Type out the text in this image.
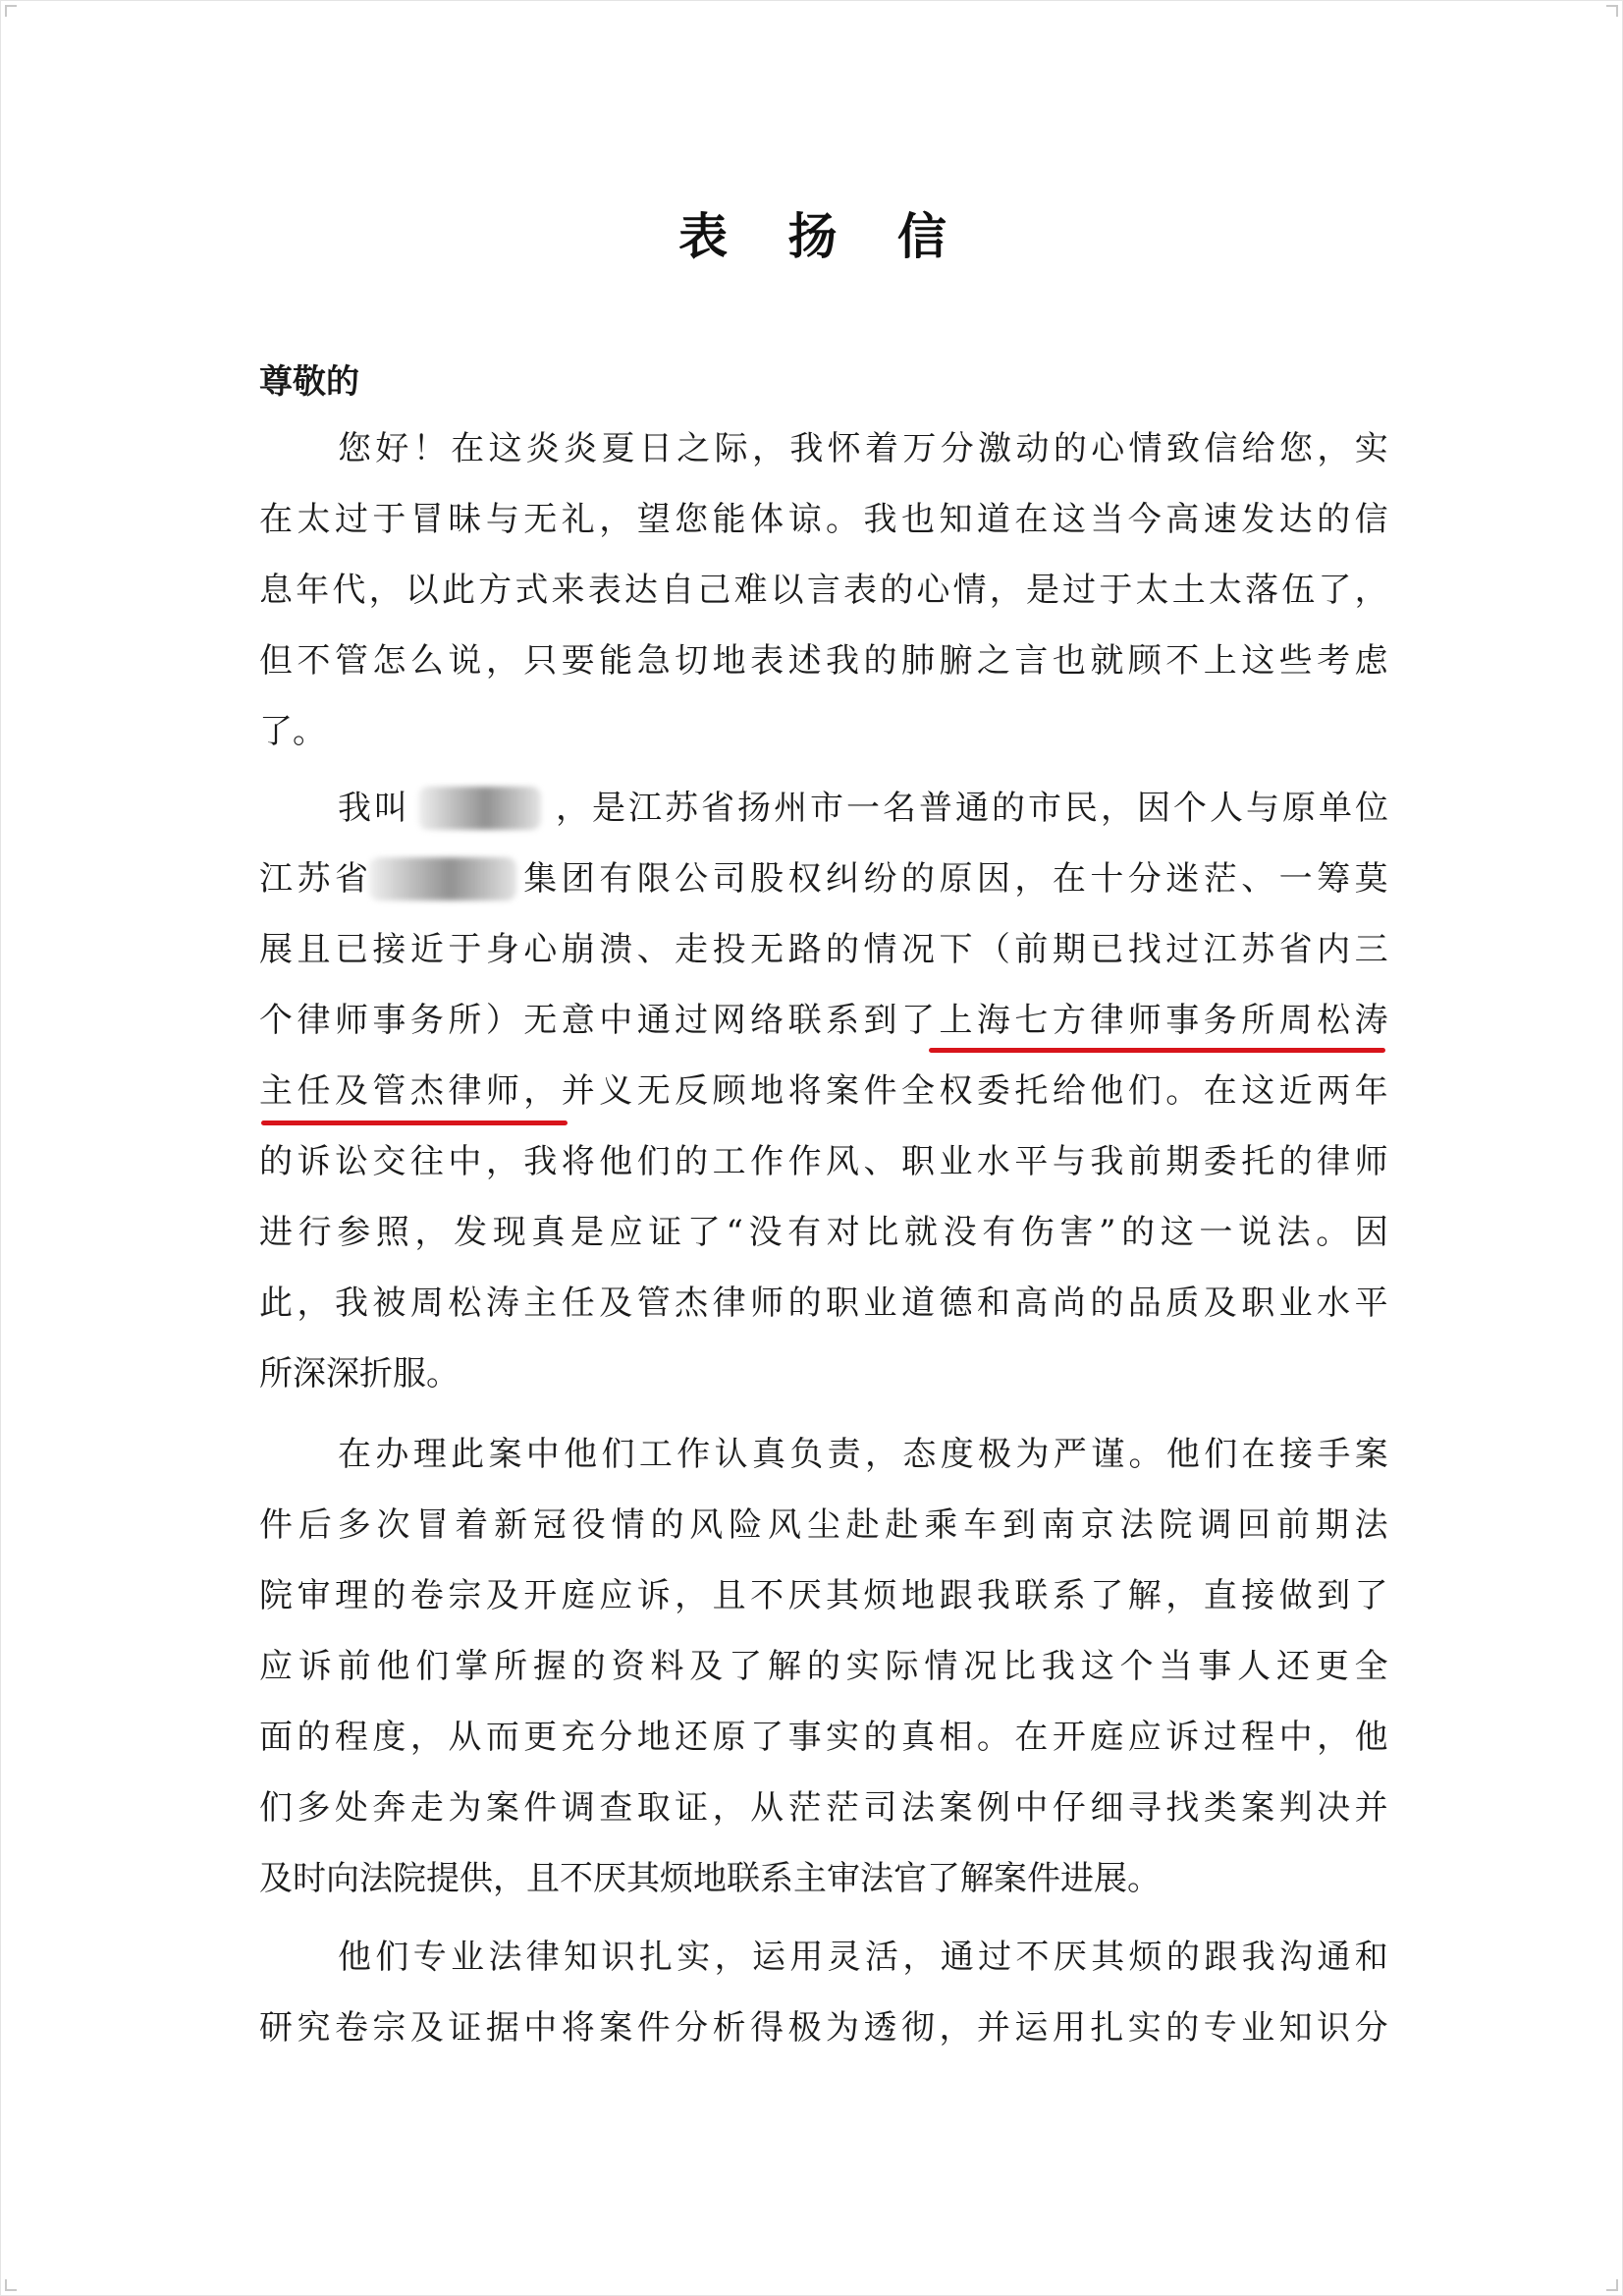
表 扬 信
尊敬的
您 好 ！ 在 这 炎 炎 夏 日 之 际 ， 我 怀 着 万 分 激 动 的 心 情 致 信 给 您 ， 实
在 太 过 于 冒 昧 与 无 礼 ， 望 您 能 体 谅 。 我 也 知 道 在 这 当 今 高 速 发 达 的 信
息 年 代 ， 以 此 方 式 来 表 达 自 己 难 以 言 表 的 心 情 ， 是 过 于 太 土 太 落 伍 了 ，
但 不 管 怎 么 说 ， 只 要 能 急 切 地 表 述 我 的 肺 腑 之 言 也 就 顾 不 上 这 些 考 虑
了。
我 叫

　	， 是 江 苏 省 扬 州 市 一 名 普 通 的 市 民 ， 因 个 人 与 原 单 位
江 苏 省

　	集 团 有 限 公 司 股 权 纠 纷 的 原 因 ， 在 十 分 迷 茫 、 一 筹 莫
展 且 已 接 近 于 身 心 崩 溃 、 走 投 无 路 的 情 况 下 （ 前 期 已 找 过 江 苏 省 内 三
个 律 师 事 务 所 ） 无 意 中 通 过 网 络 联 系 到 了 上 海 七 方 律 师 事 务 所 周 松 涛
主 任 及 管 杰 律 师 ， 并 义 无 反 顾 地 将 案 件 全 权 委 托 给 他 们 。 在 这 近 两 年
的 诉 讼 交 往 中 ， 我 将 他 们 的 工 作 作 风 、 职 业 水 平 与 我 前 期 委 托 的 律 师
进 行 参 照 ， 发 现 真 是 应 证 了 “ 没 有 对 比 就 没 有 伤 害 ” 的 这 一 说 法 。 因
此 ， 我 被 周 松 涛 主 任 及 管 杰 律 师 的 职 业 道 德 和 高 尚 的 品 质 及 职 业 水 平
所深深折服。
在 办 理 此 案 中 他 们 工 作 认 真 负 责 ， 态 度 极 为 严 谨 。 他 们 在 接 手 案
件 后 多 次 冒 着 新 冠 役 情 的 风 险 风 尘 赴 赴 乘 车 到 南 京 法 院 调 回 前 期 法
院 审 理 的 卷 宗 及 开 庭 应 诉 ， 且 不 厌 其 烦 地 跟 我 联 系 了 解 ， 直 接 做 到 了
应 诉 前 他 们 掌 所 握 的 资 料 及 了 解 的 实 际 情 况 比 我 这 个 当 事 人 还 更 全
面 的 程 度 ， 从 而 更 充 分 地 还 原 了 事 实 的 真 相 。 在 开 庭 应 诉 过 程 中 ， 他
们 多 处 奔 走 为 案 件 调 查 取 证 ， 从 茫 茫 司 法 案 例 中 仔 细 寻 找 类 案 判 决 并
及时向法院提供，且不厌其烦地联系主审法官了解案件进展。
他 们 专 业 法 律 知 识 扎 实 ， 运 用 灵 活 ， 通 过 不 厌 其 烦 的 跟 我 沟 通 和
研 究 卷 宗 及 证 据 中 将 案 件 分 析 得 极 为 透 彻 ， 并 运 用 扎 实 的 专 业 知 识 分
